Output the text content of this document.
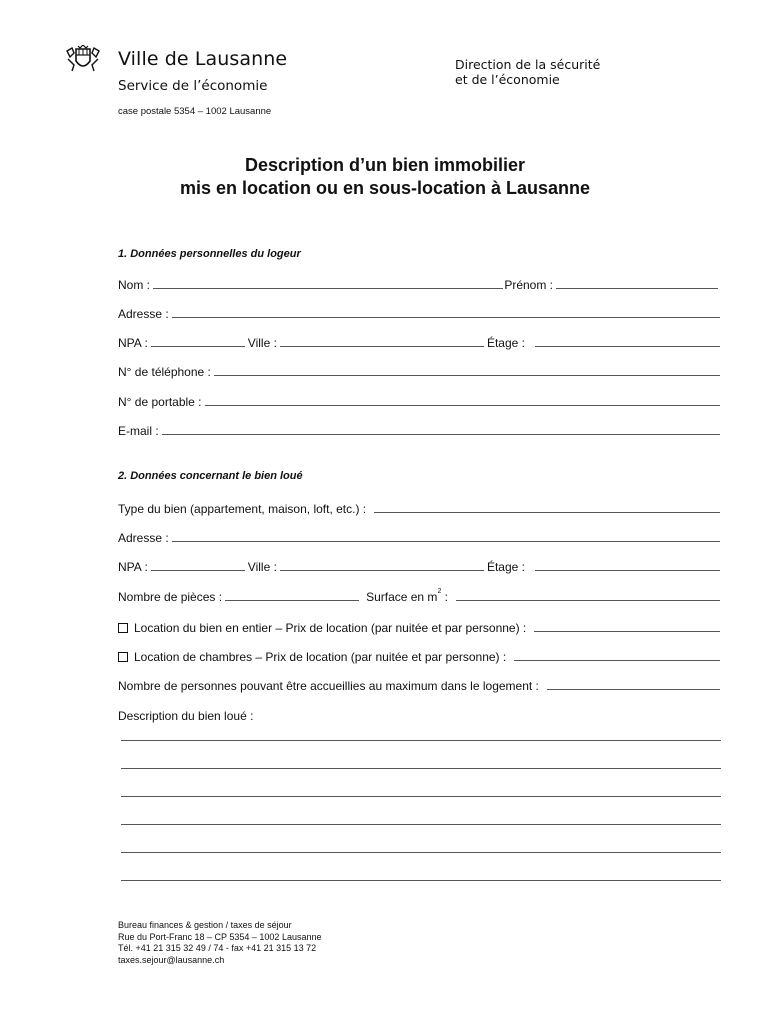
Ville de Lausanne
Service de l’économie
Direction de la sécurité
et de l’économie
case postale 5354 – 1002 Lausanne
Description d’un bien immobilier
mis en location ou en sous-location à Lausanne
1. Données personnelles du logeur
Nom :	Prénom :
Adresse :
NPA :	Ville :	Étage :
N° de téléphone :
N° de portable :
E-mail :
2. Données concernant le bien loué
Type du bien (appartement, maison, loft, etc.) :
Adresse :
NPA :	Ville :	Étage :
Nombre de pièces :	Surface en $m^2$ :
Location du bien en entier – Prix de location (par nuitée et par personne) :
Location de chambres – Prix de location (par nuitée et par personne) :
Nombre de personnes pouvant être accueillies au maximum dans le logement :
Description du bien loué :
Bureau finances & gestion / taxes de séjour
Rue du Port-Franc 18 – CP 5354 – 1002 Lausanne
Tél. +41 21 315 32 49 / 74 - fax +41 21 315 13 72
taxes.sejour@lausanne.ch
